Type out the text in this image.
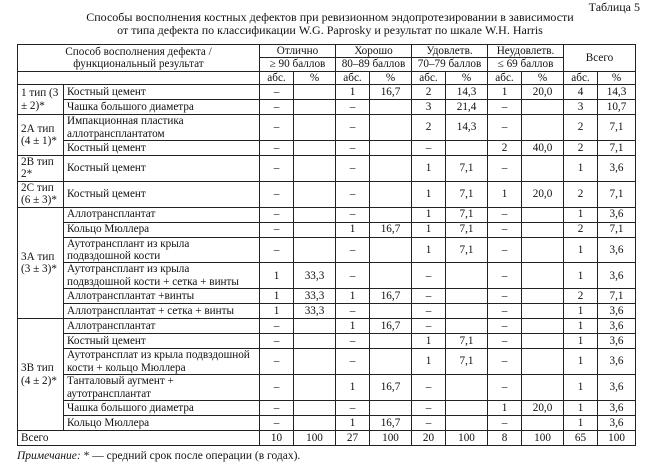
Таблица 5
Способы восполнения костных дефектов при ревизионном эндопротезировании в зависимости
от типа дефекта по классификации W.G. Paprosky и результат по шкале W.H. Harris
Способ восполнения дефекта /
функциональный результат		Отлично		Хорошо		Удовлетв.		Неудовлетв.		Всего	
		≥ 90 баллов		80–89 баллов		70–79 баллов		≤ 69 баллов			
		абс.	%	абс.	%	абс.	%	абс.	%	абс.	%
1 тип (3 ± 2)*	Костный цемент	–		1	16,7	2	14,3	1	20,0	4	14,3
	Чашка большого диаметра	–		–		3	21,4	–		3	10,7
2А тип (4 ± 1)*	Импакционная пластика аллотрансплантатом	–		–		2	14,3	–		2	7,1
	Костный цемент	–		–		–		2	40,0	2	7,1
2B тип 2*	Костный цемент	–		–		1	7,1	–		1	3,6
2С тип (6 ± 3)*	Костный цемент	–		–		1	7,1	1	20,0	2	7,1
3А тип (3 ± 3)*	Аллотрансплантат	–		–		1	7,1	–		1	3,6
	Кольцо Мюллера	–		1	16,7	1	7,1	–		2	7,1
	Аутотрансплант из крыла подвздошной кости	–		–		1	7,1	–		1	3,6
	Аутотрансплант из крыла подвздошной кости + сетка + винты	1	33,3	–		–		–		1	3,6
	Аллотрансплантат +винты	1	33,3	1	16,7	–		–		2	7,1
	Аллотрансплантат + сетка + винты	1	33,3	–		–		–		1	3,6
3B тип (4 ± 2)*	Аллотрансплантат	–		1	16,7	–		–		1	3,6
	Костный цемент	–		–		1	7,1	–		1	3,6
	Аутотрансплат из крыла подвздошной кости + кольцо Мюллера	–		–		1	7,1	–		1	3,6
	Танталовый аугмент + аутотрансплантат	–		1	16,7	–		–		1	3,6
	Чашка большого диаметра	–		–		–		1	20,0	1	3,6
	Кольцо Мюллера	–		1	16,7	–		–		1	3,6
Всего		10	100	27	100	20	100	8	100	65	100
Примечание: * — средний срок после операции (в годах).
